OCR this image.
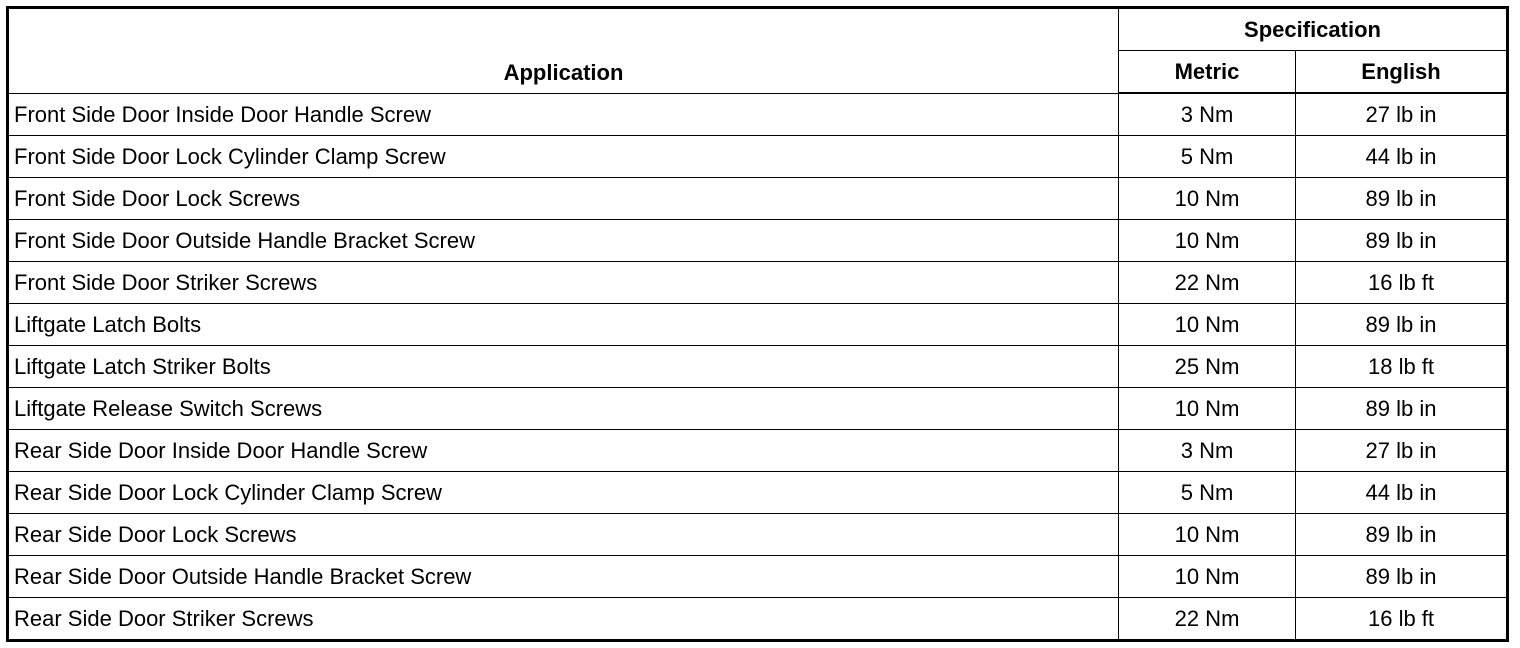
Application	Specification	
	Metric	English
Front Side Door Inside Door Handle Screw	3 Nm	27 lb in
Front Side Door Lock Cylinder Clamp Screw	5 Nm	44 lb in
Front Side Door Lock Screws	10 Nm	89 lb in
Front Side Door Outside Handle Bracket Screw	10 Nm	89 lb in
Front Side Door Striker Screws	22 Nm	16 lb ft
Liftgate Latch Bolts	10 Nm	89 lb in
Liftgate Latch Striker Bolts	25 Nm	18 lb ft
Liftgate Release Switch Screws	10 Nm	89 lb in
Rear Side Door Inside Door Handle Screw	3 Nm	27 lb in
Rear Side Door Lock Cylinder Clamp Screw	5 Nm	44 lb in
Rear Side Door Lock Screws	10 Nm	89 lb in
Rear Side Door Outside Handle Bracket Screw	10 Nm	89 lb in
Rear Side Door Striker Screws	22 Nm	16 lb ft
